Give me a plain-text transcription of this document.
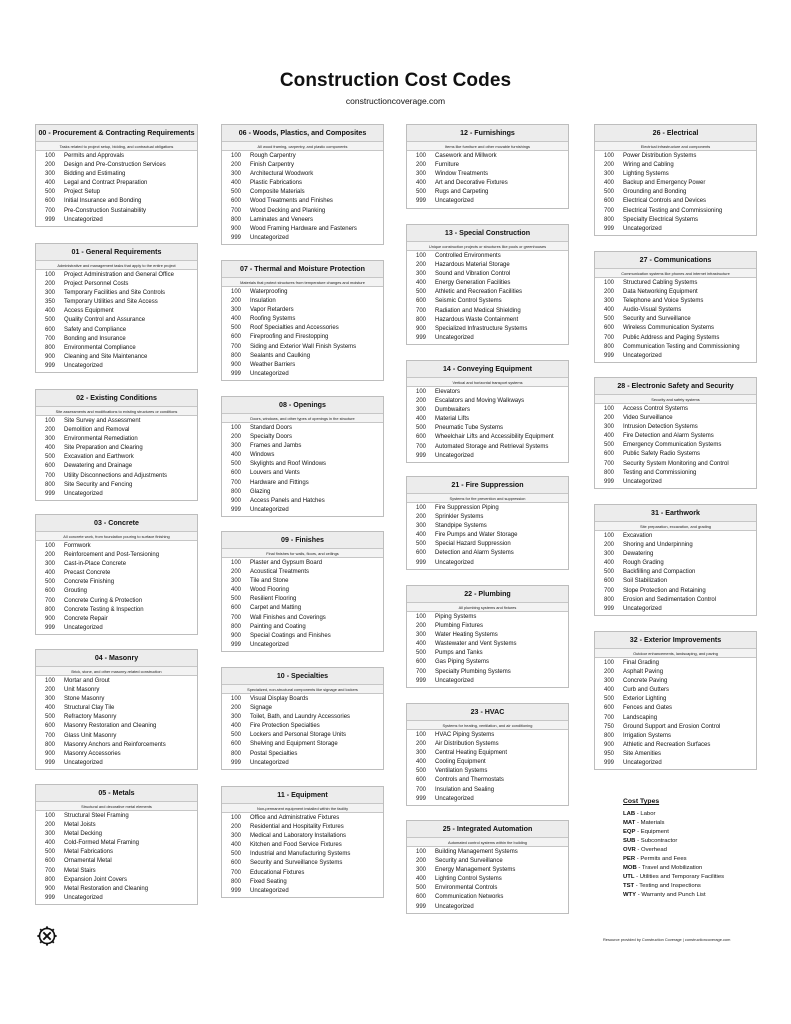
Construction Cost Codes
constructioncoverage.com
00 - Procurement & Contracting Requirements
Tasks related to project setup, bidding, and contractual obligations
100	Permits and Approvals
200	Design and Pre-Construction Services
300	Bidding and Estimating
400	Legal and Contract Preparation
500	Project Setup
600	Initial Insurance and Bonding
700	Pre-Construction Sustainability
999	Uncategorized
01 - General Requirements
Administrative and management tasks that apply to the entire project
100	Project Administration and General Office
200	Project Personnel Costs
300	Temporary Facilities and Site Controls
350	Temporary Utilities and Site Access
400	Access Equipment
500	Quality Control and Assurance
600	Safety and Compliance
700	Bonding and Insurance
800	Environmental Compliance
900	Cleaning and Site Maintenance
999	Uncategorized
02 - Existing Conditions
Site assessments and modifications to existing structures or conditions
100	Site Survey and Assessment
200	Demolition and Removal
300	Environmental Remediation
400	Site Preparation and Clearing
500	Excavation and Earthwork
600	Dewatering and Drainage
700	Utility Disconnections and Adjustments
800	Site Security and Fencing
999	Uncategorized
03 - Concrete
All concrete work, from foundation pouring to surface finishing
100	Formwork
200	Reinforcement and Post-Tensioning
300	Cast-in-Place Concrete
400	Precast Concrete
500	Concrete Finishing
600	Grouting
700	Concrete Curing & Protection
800	Concrete Testing & Inspection
900	Concrete Repair
999	Uncategorized
04 - Masonry
Brick, stone, and other masonry-related construction
100	Mortar and Grout
200	Unit Masonry
300	Stone Masonry
400	Structural Clay Tile
500	Refractory Masonry
600	Masonry Restoration and Cleaning
700	Glass Unit Masonry
800	Masonry Anchors and Reinforcements
900	Masonry Accessories
999	Uncategorized
05 - Metals
Structural and decorative metal elements
100	Structural Steel Framing
200	Metal Joists
300	Metal Decking
400	Cold-Formed Metal Framing
500	Metal Fabrications
600	Ornamental Metal
700	Metal Stairs
800	Expansion Joint Covers
900	Metal Restoration and Cleaning
999	Uncategorized
06 - Woods, Plastics, and Composites
All wood framing, carpentry, and plastic components
100	Rough Carpentry
200	Finish Carpentry
300	Architectural Woodwork
400	Plastic Fabrications
500	Composite Materials
600	Wood Treatments and Finishes
700	Wood Decking and Planking
800	Laminates and Veneers
900	Wood Framing Hardware and Fasteners
999	Uncategorized
07 - Thermal and Moisture Protection
Materials that protect structures from temperature changes and moisture
100	Waterproofing
200	Insulation
300	Vapor Retarders
400	Roofing Systems
500	Roof Specialties and Accessories
600	Fireproofing and Firestopping
700	Siding and Exterior Wall Finish Systems
800	Sealants and Caulking
900	Weather Barriers
999	Uncategorized
08 - Openings
Doors, windows, and other types of openings in the structure
100	Standard Doors
200	Specialty Doors
300	Frames and Jambs
400	Windows
500	Skylights and Roof Windows
600	Louvers and Vents
700	Hardware and Fittings
800	Glazing
900	Access Panels and Hatches
999	Uncategorized
09 - Finishes
Final finishes for walls, floors, and ceilings
100	Plaster and Gypsum Board
200	Acoustical Treatments
300	Tile and Stone
400	Wood Flooring
500	Resilient Flooring
600	Carpet and Matting
700	Wall Finishes and Coverings
800	Painting and Coating
900	Special Coatings and Finishes
999	Uncategorized
10 - Specialties
Specialized, non-structural components like signage and lockers
100	Visual Display Boards
200	Signage
300	Toilet, Bath, and Laundry Accessories
400	Fire Protection Specialties
500	Lockers and Personal Storage Units
600	Shelving and Equipment Storage
800	Postal Specialties
999	Uncategorized
11 - Equipment
Non-permanent equipment installed within the facility
100	Office and Administrative Fixtures
200	Residential and Hospitality Fixtures
300	Medical and Laboratory Installations
400	Kitchen and Food Service Fixtures
500	Industrial and Manufacturing Systems
600	Security and Surveillance Systems
700	Educational Fixtures
800	Fixed Seating
999	Uncategorized
12 - Furnishings
Items like furniture and other movable furnishings
100	Casework and Millwork
200	Furniture
300	Window Treatments
400	Art and Decorative Fixtures
500	Rugs and Carpeting
999	Uncategorized
13 - Special Construction
Unique construction projects or structures like pools or greenhouses
100	Controlled Environments
200	Hazardous Material Storage
300	Sound and Vibration Control
400	Energy Generation Facilities
500	Athletic and Recreation Facilities
600	Seismic Control Systems
700	Radiation and Medical Shielding
800	Hazardous Waste Containment
900	Specialized Infrastructure Systems
999	Uncategorized
14 - Conveying Equipment
Vertical and horizontal transport systems
100	Elevators
200	Escalators and Moving Walkways
300	Dumbwaiters
400	Material Lifts
500	Pneumatic Tube Systems
600	Wheelchair Lifts and Accessibility Equipment
700	Automated Storage and Retrieval Systems
999	Uncategorized
21 - Fire Suppression
Systems for fire prevention and suppression
100	Fire Suppression Piping
200	Sprinkler Systems
300	Standpipe Systems
400	Fire Pumps and Water Storage
500	Special Hazard Suppression
600	Detection and Alarm Systems
999	Uncategorized
22 - Plumbing
All plumbing systems and fixtures
100	Piping Systems
200	Plumbing Fixtures
300	Water Heating Systems
400	Wastewater and Vent Systems
500	Pumps and Tanks
600	Gas Piping Systems
700	Specialty Plumbing Systems
999	Uncategorized
23 - HVAC
Systems for heating, ventilation, and air conditioning
100	HVAC Piping Systems
200	Air Distribution Systems
300	Central Heating Equipment
400	Cooling Equipment
500	Ventilation Systems
600	Controls and Thermostats
700	Insulation and Sealing
999	Uncategorized
25 - Integrated Automation
Automated control systems within the building
100	Building Management Systems
200	Security and Surveillance
300	Energy Management Systems
400	Lighting Control Systems
500	Environmental Controls
600	Communication Networks
999	Uncategorized
26 - Electrical
Electrical infrastructure and components
100	Power Distribution Systems
200	Wiring and Cabling
300	Lighting Systems
400	Backup and Emergency Power
500	Grounding and Bonding
600	Electrical Controls and Devices
700	Electrical Testing and Commissioning
800	Specialty Electrical Systems
999	Uncategorized
27 - Communications
Communication systems like phones and internet infrastructure
100	Structured Cabling Systems
200	Data Networking Equipment
300	Telephone and Voice Systems
400	Audio-Visual Systems
500	Security and Surveillance
600	Wireless Communication Systems
700	Public Address and Paging Systems
800	Communication Testing and Commissioning
999	Uncategorized
28 - Electronic Safety and Security
Security and safety systems
100	Access Control Systems
200	Video Surveillance
300	Intrusion Detection Systems
400	Fire Detection and Alarm Systems
500	Emergency Communication Systems
600	Public Safety Radio Systems
700	Security System Monitoring and Control
800	Testing and Commissioning
999	Uncategorized
31 - Earthwork
Site preparation, excavation, and grading
100	Excavation
200	Shoring and Underpinning
300	Dewatering
400	Rough Grading
500	Backfilling and Compaction
600	Soil Stabilization
700	Slope Protection and Retaining
800	Erosion and Sedimentation Control
999	Uncategorized
32 - Exterior Improvements
Outdoor enhancements, landscaping, and paving
100	Final Grading
200	Asphalt Paving
300	Concrete Paving
400	Curb and Gutters
500	Exterior Lighting
600	Fences and Gates
700	Landscaping
750	Ground Support and Erosion Control
800	Irrigation Systems
900	Athletic and Recreation Surfaces
950	Site Amenities
999	Uncategorized
Cost Types
LAB - Labor
MAT - Materials
EQP - Equipment
SUB - Subcontractor
OVR - Overhead
PER - Permits and Fees
MOB - Travel and Mobilization
UTL - Utilities and Temporary Facilities
TST - Testing and Inspections
WTY - Warranty and Punch List
Resource provided by Construction Coverage | constructioncoverage.com
